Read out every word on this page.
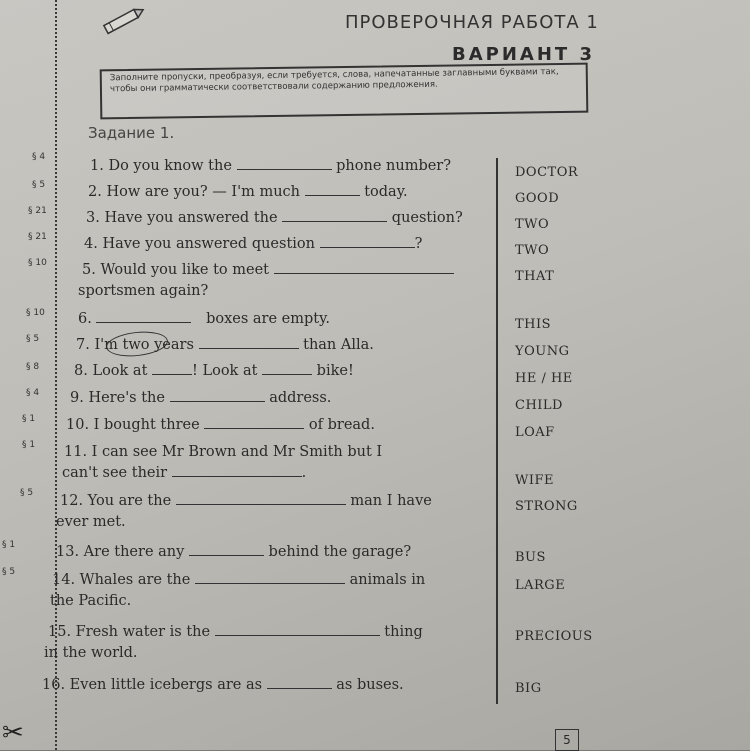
ПРОВЕРОЧНАЯ РАБОТА 1
ВАРИАНТ 3
Заполните пропуски, преобразуя, если требуется, слова, напечатанные заглавными буквами так, чтобы они грамматически соответствовали содержанию предложения.
Задание 1.
§ 4
§ 5
§ 21
§ 21
§ 10
§ 10
§ 5
§ 8
§ 4
§ 1
§ 1
§ 5
§ 1
§ 5
1. Do you know the	phone number?	DOCTOR
2. How are you? — I'm much	today.	GOOD
3. Have you answered the	question?	TWO
4. Have you answered question	?	TWO
5. Would you like to meet
sportsmen again?
THAT
6.	boxes are empty.	THIS
7. I'm two years	than Alla.	YOUNG
8. Look at	! Look at	bike!	HE / HE
9. Here's the	address.	CHILD
10. I bought three	of bread.	LOAF
11. I can see Mr Brown and Mr Smith but I
can't see their	.	WIFE
12. You are the	man I have
ever met.
STRONG
13. Are there any	behind the garage?	BUS
14. Whales are the	animals in
the Pacific.
LARGE
15. Fresh water is the	thing
in the world.
PRECIOUS
16. Even little icebergs are as	as buses.	BIG
✂	5
